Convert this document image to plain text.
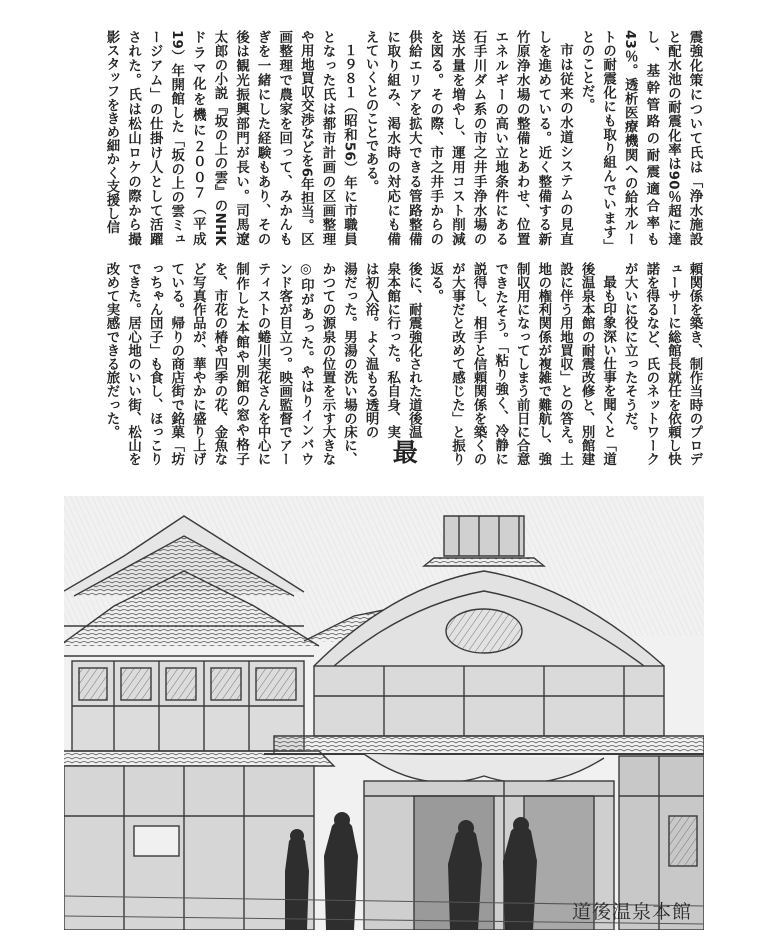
震強化策について氏は「浄水施設と配水池の耐震化率は90％超に達し、基幹管路の耐震適合率も43％。透析医療機関への給水ルートの耐震化にも取り組んでいます」とのことだ。

市は従来の水道システムの見直しを進めている。近く整備する新竹原浄水場の整備とあわせ、位置エネルギーの高い立地条件にある石手川ダム系の市之井手浄水場の送水量を増やし、運用コスト削減を図る。その際、市之井手からの供給エリアを拡大できる管路整備に取り組み、渇水時の対応にも備えていくとのことである。

１９８１（昭和56）年に市職員となった氏は都市計画の区画整理や用地買収交渉などを6年担当。区画整理で農家を回って、みかんもぎを一緒にした経験もあり、その後は観光振興部門が長い。司馬遼太郎の小説『坂の上の雲』のNHKドラマ化を機に２００７（平成19）年開館した「坂の上の雲ミュージアム」の仕掛け人として活躍された。氏は松山ロケの際から撮影スタッフをきめ細かく支援し信

頼関係を築き、制作当時のプロデューサーに総館長就任を依頼し快諾を得るなど、氏のネットワークが大いに役に立ったそうだ。

最も印象深い仕事を聞くと「道後温泉本館の耐震改修と、別館建設に伴う用地買収」との答え。土地の権利関係が複雑で難航し、強制収用になってしまう前日に合意できたそう。「粘り強く、冷静に説得し、相手と信頼関係を築くのが大事だと改めて感じた」と振り返る。

最
後に、耐震強化された道後温泉本館に行った。私自身、実は初入浴。よく温もる透明の湯だった。男湯の洗い場の床に、かつての源泉の位置を示す大きな◎印があった。やはりインバウンド客が目立つ。映画監督でアーティストの蜷川実花さんを中心に制作した本館や別館の窓や格子を、市花の椿や四季の花、金魚など写真作品が、華やかに盛り上げている。帰りの商店街で銘菓「坊っちゃん団子」も食し、ほっこりできた。居心地のいい街、松山を改めて実感できる旅だった。

道後温泉本館
